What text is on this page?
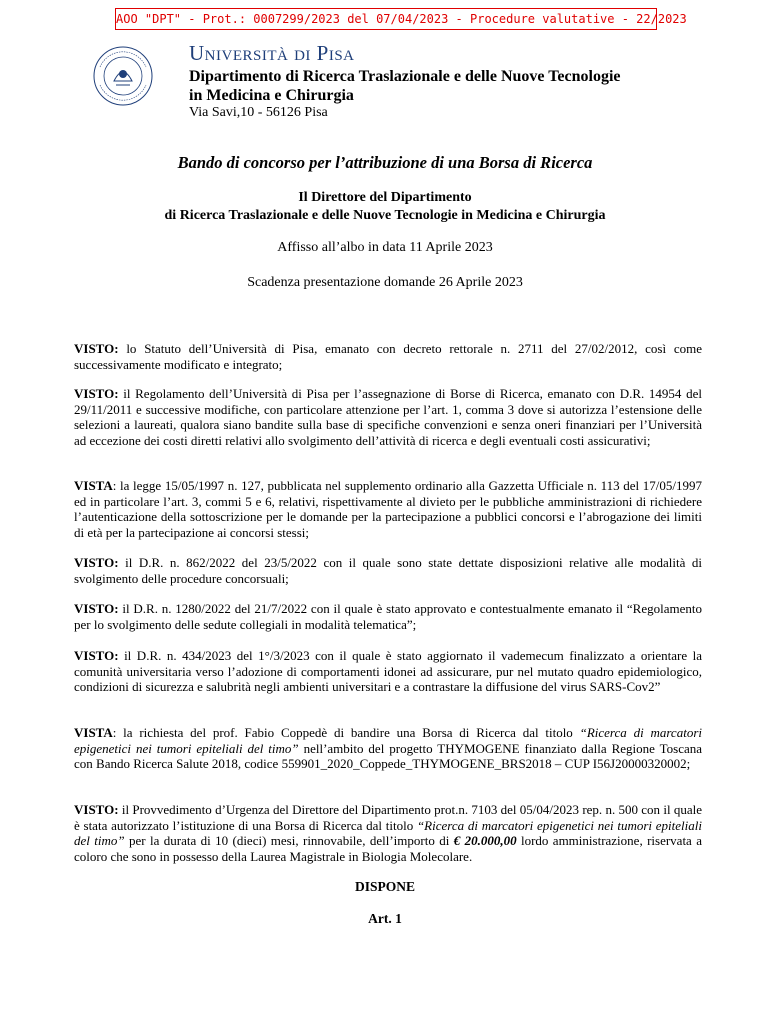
AOO "DPT" - Prot.: 0007299/2023 del 07/04/2023 - Procedure valutative - 22/2023
Università di Pisa
Dipartimento di Ricerca Traslazionale e delle Nuove Tecnologie
in Medicina e Chirurgia
Via Savi,10 - 56126 Pisa
Bando di concorso per l’attribuzione di una Borsa di Ricerca
Il Direttore del Dipartimento
di Ricerca Traslazionale e delle Nuove Tecnologie in Medicina e Chirurgia
Affisso all’albo in data 11 Aprile 2023
Scadenza presentazione domande 26 Aprile 2023
VISTO: lo Statuto dell’Università di Pisa, emanato con decreto rettorale n. 2711 del 27/02/2012, così come successivamente modificato e integrato;
VISTO: il Regolamento dell’Università di Pisa per l’assegnazione di Borse di Ricerca, emanato con D.R. 14954 del 29/11/2011 e successive modifiche, con particolare attenzione per l’art. 1, comma 3 dove si autorizza l’estensione delle selezioni a laureati, qualora siano bandite sulla base di specifiche convenzioni e senza oneri finanziari per l’Università ad eccezione dei costi diretti relativi allo svolgimento dell’attività di ricerca e degli eventuali costi assicurativi;
VISTA: la legge 15/05/1997 n. 127, pubblicata nel supplemento ordinario alla Gazzetta Ufficiale n. 113 del 17/05/1997 ed in particolare l’art. 3, commi 5 e 6, relativi, rispettivamente al divieto per le pubbliche amministrazioni di richiedere l’autenticazione della sottoscrizione per le domande per la partecipazione a pubblici concorsi e l’abrogazione dei limiti di età per la partecipazione ai concorsi stessi;
VISTO: il D.R. n. 862/2022 del 23/5/2022 con il quale sono state dettate disposizioni relative alle modalità di svolgimento delle procedure concorsuali;
VISTO: il D.R. n. 1280/2022 del 21/7/2022 con il quale è stato approvato e contestualmente emanato il “Regolamento per lo svolgimento delle sedute collegiali in modalità telematica”;
VISTO: il D.R. n. 434/2023 del 1°/3/2023 con il quale è stato aggiornato il vademecum finalizzato a orientare la comunità universitaria verso l’adozione di comportamenti idonei ad assicurare, pur nel mutato quadro epidemiologico, condizioni di sicurezza e salubrità negli ambienti universitari e a contrastare la diffusione del virus SARS-Cov2”
VISTA: la richiesta del prof. Fabio Coppedè di bandire una Borsa di Ricerca dal titolo “Ricerca di marcatori epigenetici nei tumori epiteliali del timo” nell’ambito del progetto THYMOGENE finanziato dalla Regione Toscana con Bando Ricerca Salute 2018, codice 559901_2020_Coppede_THYMOGENE_BRS2018 – CUP I56J20000320002;
VISTO: il Provvedimento d’Urgenza del Direttore del Dipartimento prot.n. 7103 del 05/04/2023 rep. n. 500 con il quale è stata autorizzato l’istituzione di una Borsa di Ricerca dal titolo “Ricerca di marcatori epigenetici nei tumori epiteliali del timo” per la durata di 10 (dieci) mesi, rinnovabile, dell’importo di € 20.000,00 lordo amministrazione, riservata a coloro che sono in possesso della Laurea Magistrale in Biologia Molecolare.
DISPONE
Art. 1
